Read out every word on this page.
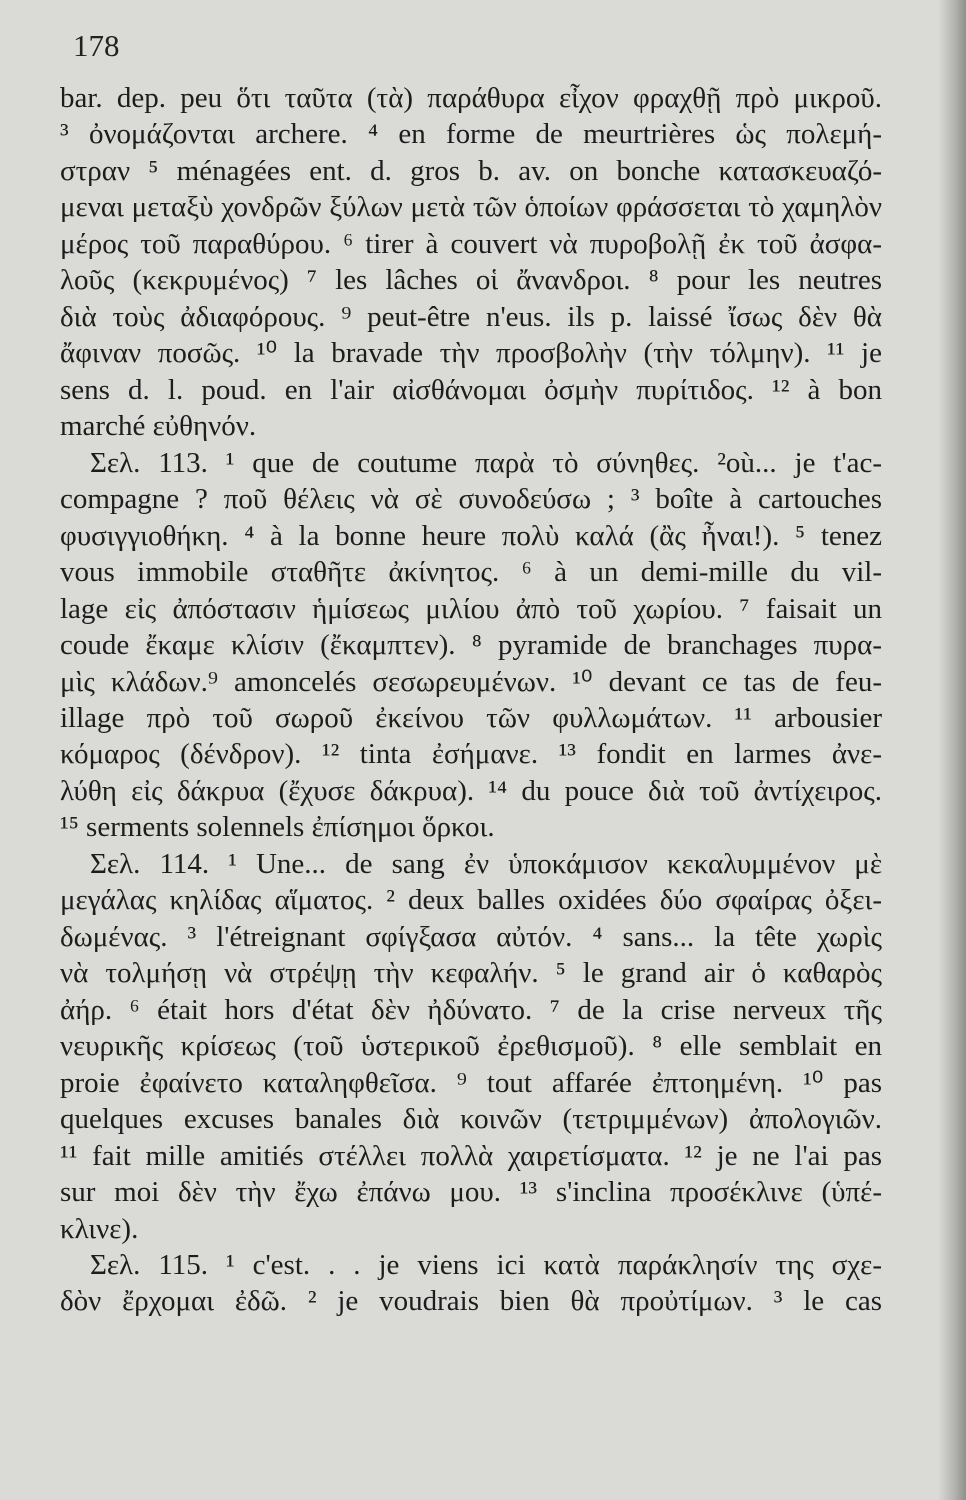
178
bar. dep. peu ὅτι ταῦτα (τὰ) παράθυρα εἶχον φραχθῇ πρὸ μικροῦ.
³ ὀνομάζονται archere. ⁴ en forme de meurtrières ὡς πολεμή-
στραν ⁵ ménagées ent. d. gros b. av. on bonche κατασκευαζό-
μεναι μεταξὺ χονδρῶν ξύλων μετὰ τῶν ὁποίων φράσσεται τὸ χαμηλὸν
μέρος τοῦ παραθύρου. ⁶ tirer à couvert νὰ πυροβολῇ ἐκ τοῦ ἀσφα-
λοῦς (κεκρυμένος) ⁷ les lâches οἱ ἄνανδροι. ⁸ pour les neutres
διὰ τοὺς ἀδιαφόρους. ⁹ peut-être n'eus. ils p. laissé ἴσως δὲν θὰ
ἄφιναν ποσῶς. ¹⁰ la bravade τὴν προσβολὴν (τὴν τόλμην). ¹¹ je
sens d. l. poud. en l'air αἰσθάνομαι ὀσμὴν πυρίτιδος. ¹² à bon
marché εὐθηνόν.
Σελ. 113. ¹ que de coutume παρὰ τὸ σύνηθες. ²où... je t'ac-
compagne ? ποῦ θέλεις νὰ σὲ συνοδεύσω ; ³ boîte à cartouches
φυσιγγιοθήκη. ⁴ à la bonne heure πολὺ καλά (ἂς ἦναι!). ⁵ tenez
vous immobile σταθῆτε ἀκίνητος. ⁶ à un demi-mille du vil-
lage εἰς ἀπόστασιν ἡμίσεως μιλίου ἀπὸ τοῦ χωρίου. ⁷ faisait un
coude ἔκαμε κλίσιν (ἔκαμπτεν). ⁸ pyramide de branchages πυρα-
μὶς κλάδων.⁹ amoncelés σεσωρευμένων. ¹⁰ devant ce tas de feu-
illage πρὸ τοῦ σωροῦ ἐκείνου τῶν φυλλωμάτων. ¹¹ arbousier
κόμαρος (δένδρον). ¹² tinta ἐσήμανε. ¹³ fondit en larmes ἀνε-
λύθη εἰς δάκρυα (ἔχυσε δάκρυα). ¹⁴ du pouce διὰ τοῦ ἀντίχειρος.
¹⁵ serments solennels ἐπίσημοι ὅρκοι.
Σελ. 114. ¹ Une... de sang ἐν ὑποκάμισον κεκαλυμμένον μὲ
μεγάλας κηλίδας αἵματος. ² deux balles oxidées δύο σφαίρας ὀξει-
δωμένας. ³ l'étreignant σφίγξασα αὐτόν. ⁴ sans... la tête χωρὶς
νὰ τολμήσῃ νὰ στρέψῃ τὴν κεφαλήν. ⁵ le grand air ὁ καθαρὸς
ἀήρ. ⁶ était hors d'état δὲν ἠδύνατο. ⁷ de la crise nerveux τῆς
νευρικῆς κρίσεως (τοῦ ὑστερικοῦ ἐρεθισμοῦ). ⁸ elle semblait en
proie ἐφαίνετο καταληφθεῖσα. ⁹ tout affarée ἐπτοημένη. ¹⁰ pas
quelques excuses banales διὰ κοινῶν (τετριμμένων) ἀπολογιῶν.
¹¹ fait mille amitiés στέλλει πολλὰ χαιρετίσματα. ¹² je ne l'ai pas
sur moi δὲν τὴν ἔχω ἐπάνω μου. ¹³ s'inclina προσέκλινε (ὑπέ-
κλινε).
Σελ. 115. ¹ c'est. . . je viens ici κατὰ παράκλησίν της σχε-
δὸν ἔρχομαι ἐδῶ. ² je voudrais bien θὰ προὐτίμων. ³ le cas
